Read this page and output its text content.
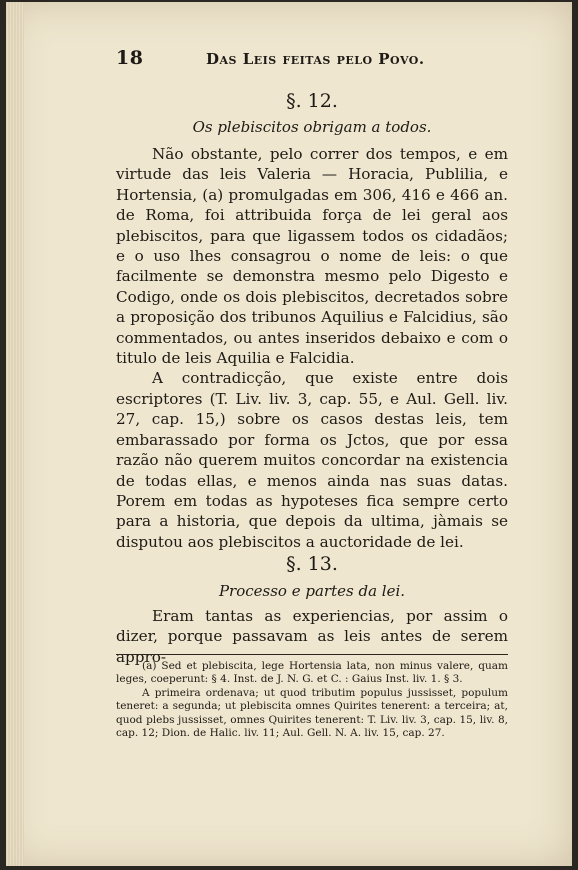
18	Das Leis feitas pelo Povo.
§. 12.
Os plebiscitos obrigam a todos.

Não obstante, pelo correr dos tempos, e em virtude das leis Valeria — Horacia, Publilia, e Hortensia, (a) promulgadas em 306, 416 e 466 an. de Roma, foi attribuida força de lei geral aos plebiscitos, para que ligassem todos os cidadãos; e o uso lhes consagrou o nome de leis: o que facilmente se demonstra mesmo pelo Digesto e Codigo, onde os dois plebiscitos, decretados sobre a proposição dos tribunos Aquilius e Falcidius, são commentados, ou antes inseridos debaixo e com o titulo de leis Aquilia e Falcidia.

A contradicção, que existe entre dois escriptores (T. Liv. liv. 3, cap. 55, e Aul. Gell. liv. 27, cap. 15,) sobre os casos destas leis, tem embarassado por forma os Jctos, que por essa razão não querem muitos concordar na existencia de todas ellas, e menos ainda nas suas datas. Porem em todas as hypoteses fica sempre certo para a historia, que depois da ultima, jàmais se disputou aos plebiscitos a auctoridade de lei.

§. 13.
Processo e partes da lei.

Eram tantas as experiencias, por assim o dizer, porque passavam as leis antes de serem appro-

(a) Sed et plebiscita, lege Hortensia lata, non minus valere, quam leges, coeperunt: § 4. Inst. de J. N. G. et C. : Gaius Inst. liv. 1. § 3.

A primeira ordenava; ut quod tributim populus jussisset, populum teneret: a segunda; ut plebiscita omnes Quirites tenerent: a terceira; at, quod plebs jussisset, omnes Quirites tenerent: T. Liv. liv. 3, cap. 15, liv. 8, cap. 12; Dion. de Halic. liv. 11; Aul. Gell. N. A. liv. 15, cap. 27.
